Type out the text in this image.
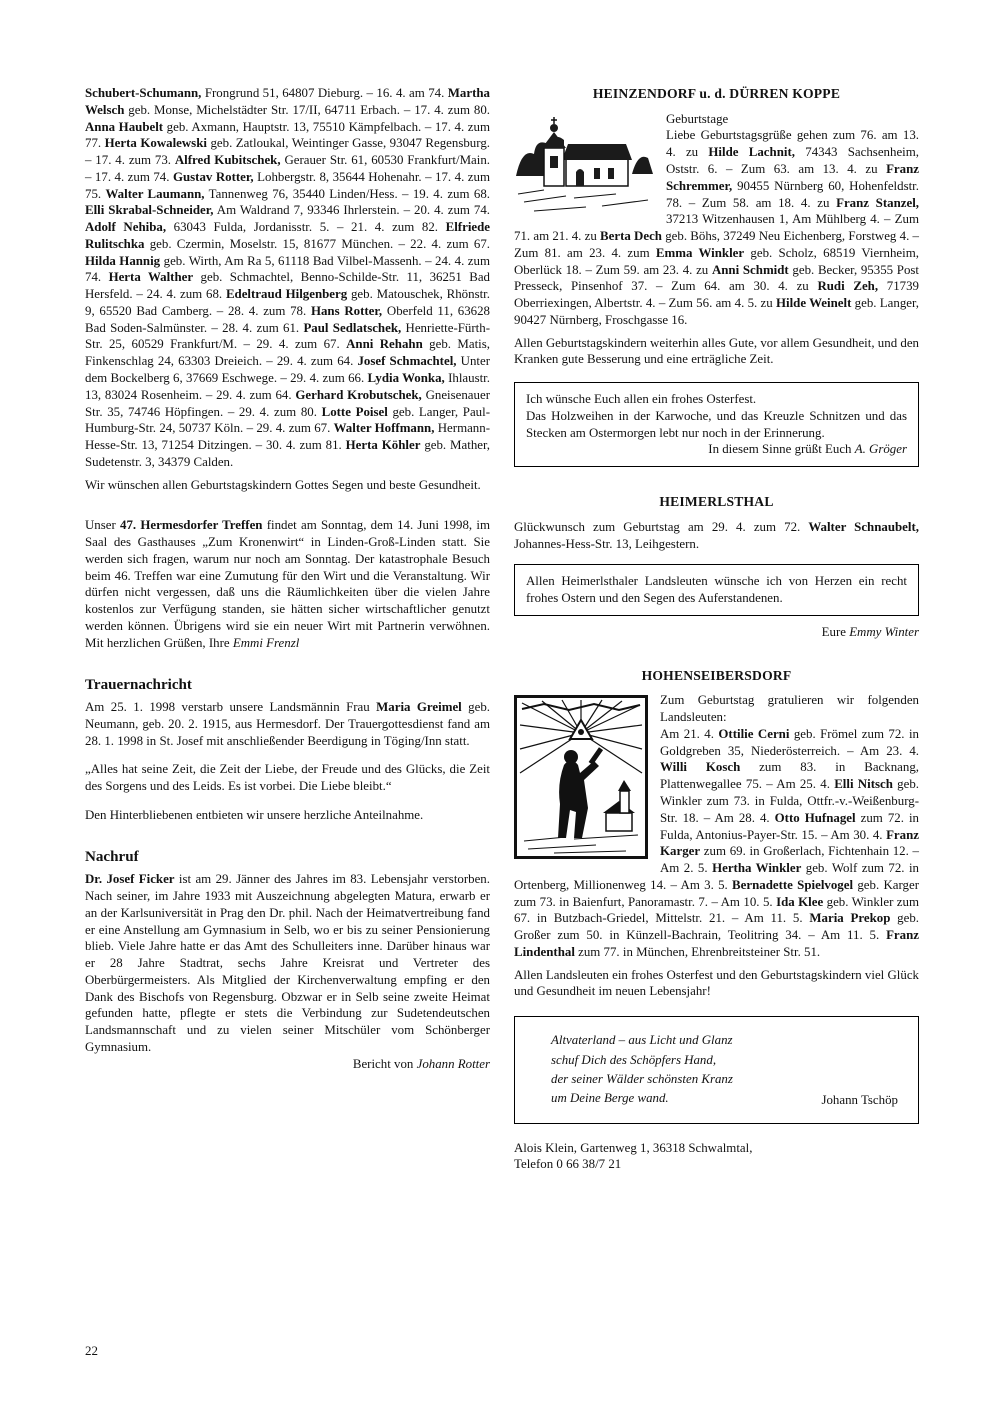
Schubert-Schumann, Frongrund 51, 64807 Dieburg. – 16. 4. am 74. Martha Welsch geb. Monse, Michelstädter Str. 17/II, 64711 Erbach. – 17. 4. zum 80. Anna Haubelt geb. Axmann, Hauptstr. 13, 75510 Kämpfelbach. – 17. 4. zum 77. Herta Kowalewski geb. Zatloukal, Weintinger Gasse, 93047 Regensburg. – 17. 4. zum 73. Alfred Kubitschek, Gerauer Str. 61, 60530 Frankfurt/Main. – 17. 4. zum 74. Gustav Rotter, Lohbergstr. 8, 35644 Hohenahr. – 17. 4. zum 75. Walter Laumann, Tannenweg 76, 35440 Linden/Hess. – 19. 4. zum 68. Elli Skrabal-Schneider, Am Waldrand 7, 93346 Ihrlerstein. – 20. 4. zum 74. Adolf Nehiba, 63043 Fulda, Jordanisstr. 5. – 21. 4. zum 82. Elfriede Rulitschka geb. Czermin, Moselstr. 15, 81677 München. – 22. 4. zum 67. Hilda Hannig geb. Wirth, Am Ra 5, 61118 Bad Vilbel-Massenh. – 24. 4. zum 74. Herta Walther geb. Schmachtel, Benno-Schilde-Str. 11, 36251 Bad Hersfeld. – 24. 4. zum 68. Edeltraud Hilgenberg geb. Matouschek, Rhönstr. 9, 65520 Bad Camberg. – 28. 4. zum 78. Hans Rotter, Oberfeld 11, 63628 Bad Soden-Salmünster. – 28. 4. zum 61. Paul Sedlatschek, Henriette-Fürth-Str. 25, 60529 Frankfurt/M. – 29. 4. zum 67. Anni Rehahn geb. Matis, Finkenschlag 24, 63303 Dreieich. – 29. 4. zum 64. Josef Schmachtel, Unter dem Bockelberg 6, 37669 Eschwege. – 29. 4. zum 66. Lydia Wonka, Ihlaustr. 13, 83024 Rosenheim. – 29. 4. zum 64. Gerhard Krobutschek, Gneisenauer Str. 35, 74746 Höpfingen. – 29. 4. zum 80. Lotte Poisel geb. Langer, Paul-Humburg-Str. 24, 50737 Köln. – 29. 4. zum 67. Walter Hoffmann, Hermann-Hesse-Str. 13, 71254 Ditzingen. – 30. 4. zum 81. Herta Köhler geb. Mather, Sudetenstr. 3, 34379 Calden.

Wir wünschen allen Geburtstagskindern Gottes Segen und beste Gesundheit.

Unser 47. Hermesdorfer Treffen findet am Sonntag, dem 14. Juni 1998, im Saal des Gasthauses „Zum Kronenwirt“ in Linden-Groß-Linden statt. Sie werden sich fragen, warum nur noch am Sonntag. Der katastrophale Besuch beim 46. Treffen war eine Zumutung für den Wirt und die Veranstaltung. Wir dürfen nicht vergessen, daß uns die Räumlichkeiten über die vielen Jahre kostenlos zur Verfügung standen, sie hätten sicher wirtschaftlicher genutzt werden können. Übrigens wird sie ein neuer Wirt mit Partnerin verwöhnen. Mit herzlichen Grüßen, Ihre Emmi Frenzl

Trauernachricht

Am 25. 1. 1998 verstarb unsere Landsmännin Frau Maria Greimel geb. Neumann, geb. 20. 2. 1915, aus Hermesdorf. Der Trauergottesdienst fand am 28. 1. 1998 in St. Josef mit anschließender Beerdigung in Töging/Inn statt.

„Alles hat seine Zeit, die Zeit der Liebe, der Freude und des Glücks, die Zeit des Sorgens und des Leids. Es ist vorbei. Die Liebe bleibt.“

Den Hinterbliebenen entbieten wir unsere herzliche Anteilnahme.

Nachruf

Dr. Josef Ficker ist am 29. Jänner des Jahres im 83. Lebensjahr verstorben. Nach seiner, im Jahre 1933 mit Auszeichnung abgelegten Matura, erwarb er an der Karlsuniversität in Prag den Dr. phil. Nach der Heimatvertreibung fand er eine Anstellung am Gymnasium in Selb, wo er bis zu seiner Pensionierung blieb. Viele Jahre hatte er das Amt des Schulleiters inne. Darüber hinaus war er 28 Jahre Stadtrat, sechs Jahre Kreisrat und Vertreter des Oberbürgermeisters. Als Mitglied der Kirchenverwaltung empfing er den Dank des Bischofs von Regensburg. Obzwar er in Selb seine zweite Heimat gefunden hatte, pflegte er stets die Verbindung zur Sudetendeutschen Landsmannschaft und zu vielen seiner Mitschüler vom Schönberger Gymnasium.

Bericht von Johann Rotter
HEINZENDORF u. d. DÜRREN KOPPE
Geburtstage

Liebe Geburtstagsgrüße gehen zum 76. am 13. 4. zu Hilde Lachnit, 74343 Sachsenheim, Oststr. 6. – Zum 63. am 13. 4. zu Franz Schremmer, 90455 Nürnberg 60, Hohenfeldstr. 78. – Zum 58. am 18. 4. zu Franz Stanzel, 37213 Witzenhausen 1, Am Mühlberg 4. – Zum 71. am 21. 4. zu Berta Dech geb. Böhs, 37249 Neu Eichenberg, Forstweg 4. – Zum 81. am 23. 4. zum Emma Winkler geb. Scholz, 68519 Viernheim, Oberlück 18. – Zum 59. am 23. 4. zu Anni Schmidt geb. Becker, 95355 Post Presseck, Pinsenhof 37. – Zum 64. am 30. 4. zu Rudi Zeh, 71739 Oberriexingen, Albertstr. 4. – Zum 56. am 4. 5. zu Hilde Weinelt geb. Langer, 90427 Nürnberg, Froschgasse 16.

Allen Geburtstagskindern weiterhin alles Gute, vor allem Gesundheit, und den Kranken gute Besserung und eine erträgliche Zeit.

Ich wünsche Euch allen ein frohes Osterfest.

Das Holzweihen in der Karwoche, und das Kreuzle Schnitzen und das Stecken am Ostermorgen lebt nur noch in der Erinnerung.

In diesem Sinne grüßt Euch A. Gröger
HEIMERLSTHAL

Glückwunsch zum Geburtstag am 29. 4. zum 72. Walter Schnaubelt, Johannes-Hess-Str. 13, Leihgestern.

Allen Heimerlsthaler Landsleuten wünsche ich von Herzen ein recht frohes Ostern und den Segen des Auferstandenen.

Eure Emmy Winter
HOHENSEIBERSDORF

Zum Geburtstag gratulieren wir folgenden Landsleuten:
Am 21. 4. Ottilie Cerni geb. Frömel zum 72. in Goldgreben 35, Niederösterreich. – Am 23. 4. Willi Kosch zum 83. in Backnang, Plattenwegallee 75. – Am 25. 4. Elli Nitsch geb. Winkler zum 73. in Fulda, Ottfr.-v.-Weißenburg-Str. 18. – Am 28. 4. Otto Hufnagel zum 72. in Fulda, Antonius-Payer-Str. 15. – Am 30. 4. Franz Karger zum 69. in Großerlach, Fichtenhain 12. – Am 2. 5. Hertha Winkler geb. Wolf zum 72. in Ortenberg, Millionenweg 14. – Am 3. 5. Bernadette Spielvogel geb. Karger zum 73. in Baienfurt, Panoramastr. 7. – Am 10. 5. Ida Klee geb. Winkler zum 67. in Butzbach-Griedel, Mittelstr. 21. – Am 11. 5. Maria Prekop geb. Großer zum 50. in Künzell-Bachrain, Teolitring 34. – Am 11. 5. Franz Lindenthal zum 77. in München, Ehrenbreitsteiner Str. 51.

Allen Landsleuten ein frohes Osterfest und den Geburtstagskindern viel Glück und Gesundheit im neuen Lebensjahr!

Altvaterland – aus Licht und Glanz
schuf Dich des Schöpfers Hand,
der seiner Wälder schönsten Kranz
um Deine Berge wand.	Johann Tschöp
Alois Klein, Gartenweg 1, 36318 Schwalmtal,
Telefon 0 66 38/7 21
22
